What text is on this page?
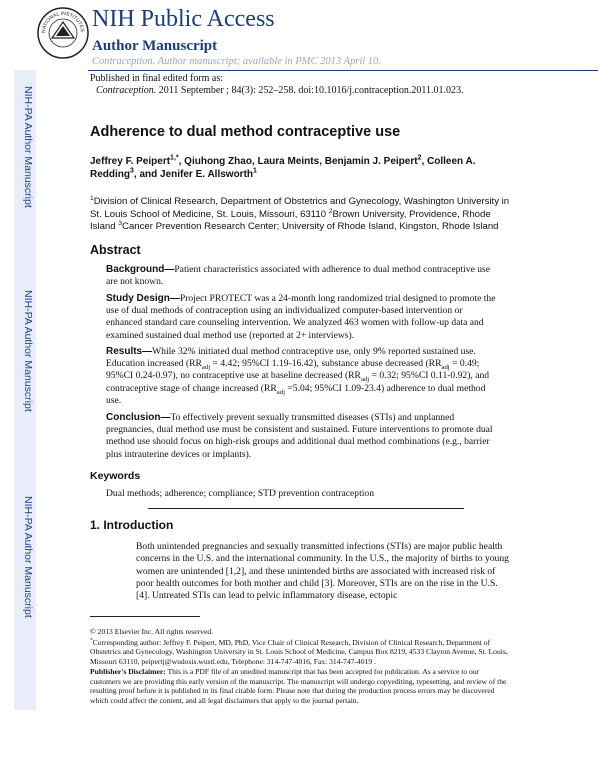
NIH-PA Author Manuscript
NIH-PA Author Manuscript
NIH-PA Author Manuscript
NATIONAL INSTITUTES NIH Public Access
Author Manuscript
Contraception. Author manuscript; available in PMC 2013 April 10.
Published in final edited form as:
Contraception. 2011 September ; 84(3): 252–258. doi:10.1016/j.contraception.2011.01.023.
Adherence to dual method contraceptive use
Jeffrey F. Peipert$^{1,*}$, Qiuhong Zhao, Laura Meints, Benjamin J. Peipert$^2$, Colleen A. Redding$^3$, and Jenifer E. Allsworth$^1$
$^1$Division of Clinical Research, Department of Obstetrics and Gynecology, Washington University in St. Louis School of Medicine, St. Louis, Missouri, 63110 $^2$Brown University, Providence, Rhode Island $^3$Cancer Prevention Research Center; University of Rhode Island, Kingston, Rhode Island
Abstract
Background—Patient characteristics associated with adherence to dual method contraceptive use are not known.
Study Design—Project PROTECT was a 24-month long randomized trial designed to promote the use of dual methods of contraception using an individualized computer-based intervention or enhanced standard care counseling intervention. We analyzed 463 women with follow-up data and examined sustained dual method use (reported at 2+ interviews).
Results—While 32% initiated dual method contraceptive use, only 9% reported sustained use. Education increased ($RR_{adj} = 4.42$; 95%CI 1.19-16.42), substance abuse decreased ($RR_{adj} = 0.49$; 95%CI 0.24-0.97), no contraceptive use at baseline decreased ($RR_{adj} = 0.32$; 95%CI 0.11-0.92), and contraceptive stage of change increased ($RR_{adj} =5.04$; 95%CI 1.09-23.4) adherence to dual method use.
Conclusion—To effectively prevent sexually transmitted diseases (STIs) and unplanned pregnancies, dual method use must be consistent and sustained. Future interventions to promote dual method use should focus on high-risk groups and additional dual method combinations (e.g., barrier plus intrauterine devices or implants).
Keywords
Dual methods; adherence; compliance; STD prevention contraception
1. Introduction
Both unintended pregnancies and sexually transmitted infections (STIs) are major public health concerns in the U.S. and the international community. In the U.S., the majority of births to young women are unintended [1,2], and these unintended births are associated with increased risk of poor health outcomes for both mother and child [3]. Moreover, STIs are on the rise in the U.S. [4]. Untreated STIs can lead to pelvic inflammatory disease, ectopic

© 2013 Elsevier Inc. All rights reserved.

*Corresponding author: Jeffrey F. Peipert, MD, PhD, Vice Chair of Clinical Research, Division of Clinical Research, Department of Obstetrics and Gynecology, Washington University in St. Louis School of Medicine, Campus Box 8219, 4533 Clayton Avenue, St. Louis, Missouri 63110, peipertj@wudosis.wustl.edu, Telephone: 314-747-4016, Fax: 314-747-4019 .

Publisher's Disclaimer: This is a PDF file of an unedited manuscript that has been accepted for publication. As a service to our customers we are providing this early version of the manuscript. The manuscript will undergo copyediting, typesetting, and review of the resulting proof before it is published in its final citable form. Please note that during the production process errors may be discovered which could affect the content, and all legal disclaimers that apply to the journal pertain.
